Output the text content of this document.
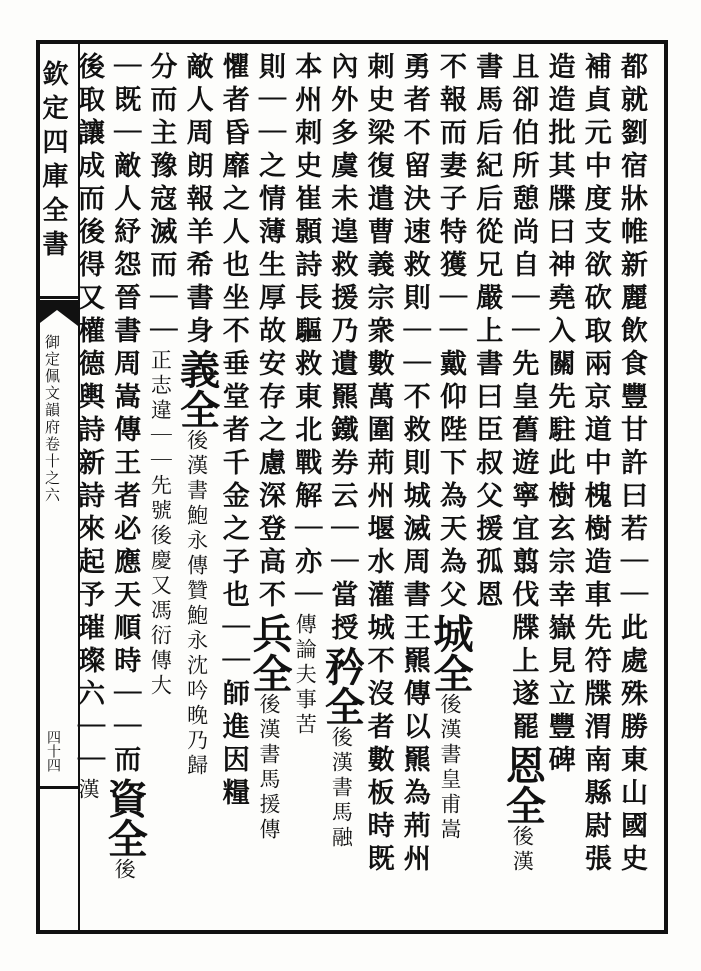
欽定四庫全書
御定佩文韻府卷十之六
四十四	都就劉宿牀帷新麗飲食豐甘許曰若｜｜此處殊勝東山國史
補貞元中度支欲砍取兩京道中槐樹造車先符牒渭南縣尉張
造造批其牒曰神堯入關先駐此樹玄宗幸嶽見立豐碑
且卻伯所憩尚自｜｜先皇舊遊寧宜翦伐牒上遂罷恩全後漢
書馬后紀后從兄嚴上書曰臣叔父援孤恩
不報而妻子特獲｜｜戴仰陛下為天為父城全後漢書皇甫嵩
勇者不留決速救則｜｜不救則城滅周書王羆傳以羆為荊州
刺史梁復遣曹義宗衆數萬圍荊州堰水灌城不沒者數板時既
內外多虞未遑救援乃遺羆鐵券云｜｜當授矜全後漢書馬融
本州刺史崔顥詩長驅救東北戰解｜亦｜傳論夫事苦
則｜｜之情薄生厚故安存之慮深登高不兵全後漢書馬援傳
懼者昏靡之人也坐不垂堂者千金之子也｜｜師進因糧
敵人周朗報羊希書身義全後漢書鮑永傳贊鮑永沈吟晚乃歸
分而主豫寇滅而｜｜正志違｜｜先號後慶又馮衍傳大
｜既｜敵人紓怨晉書周嵩傳王者必應天順時｜｜而資全後
後取讓成而後得又權德輿詩新詩來起予璀璨六｜｜漢
